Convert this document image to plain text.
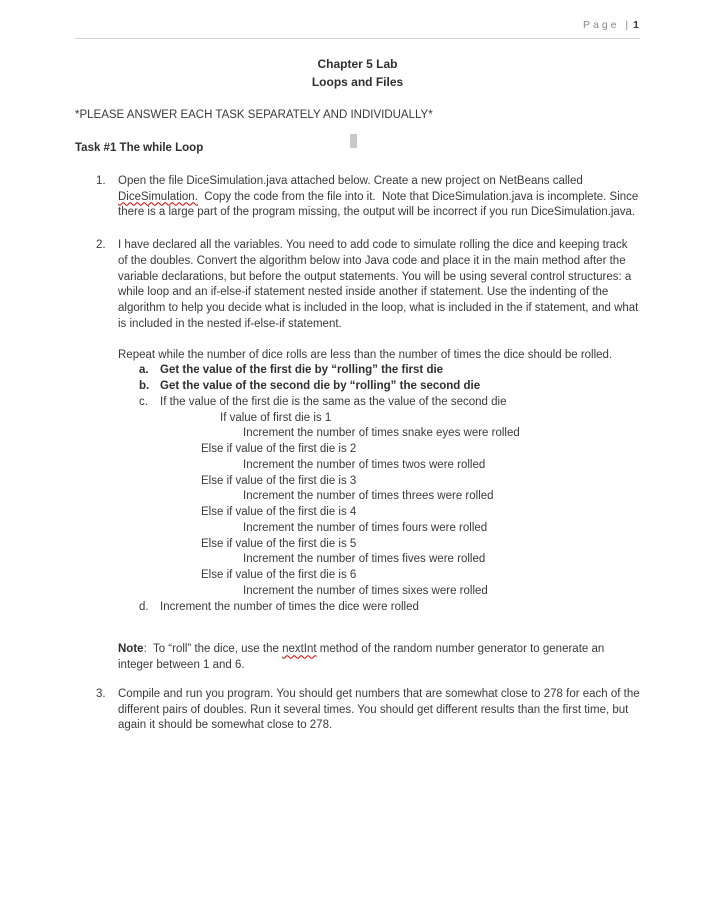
Page | 1
Chapter 5 Lab
Loops and Files

*PLEASE ANSWER EACH TASK SEPARATELY AND INDIVIDUALLY*

Task #1 The while Loop

1.	Open the file DiceSimulation.java attached below. Create a new project on NetBeans called DiceSimulation.  Copy the code from the file into it.  Note that DiceSimulation.java is incomplete. Since there is a large part of the program missing, the output will be incorrect if you run DiceSimulation.java.
2.	I have declared all the variables. You need to add code to simulate rolling the dice and keeping track of the doubles. Convert the algorithm below into Java code and place it in the main method after the variable declarations, but before the output statements. You will be using several control structures: a while loop and an if-else-if statement nested inside another if statement. Use the indenting of the algorithm to help you decide what is included in the loop, what is included in the if statement, and what is included in the nested if-else-if statement.

Repeat while the number of dice rolls are less than the number of times the dice should be rolled.

a. Get the value of the first die by “rolling” the first die
b. Get the value of the second die by “rolling” the second die
c.	If the value of the first die is the same as the value of the second die
If value of first die is 1
Increment the number of times snake eyes were rolled
Else if value of the first die is 2
Increment the number of times twos were rolled
Else if value of the first die is 3
Increment the number of times threes were rolled
Else if value of the first die is 4
Increment the number of times fours were rolled
Else if value of the first die is 5
Increment the number of times fives were rolled
Else if value of the first die is 6
Increment the number of times sixes were rolled
d. Increment the number of times the dice were rolled

Note:  To “roll” the dice, use the nextInt method of the random number generator to generate an integer between 1 and 6.

3.	Compile and run you program. You should get numbers that are somewhat close to 278 for each of the different pairs of doubles. Run it several times. You should get different results than the first time, but again it should be somewhat close to 278.
